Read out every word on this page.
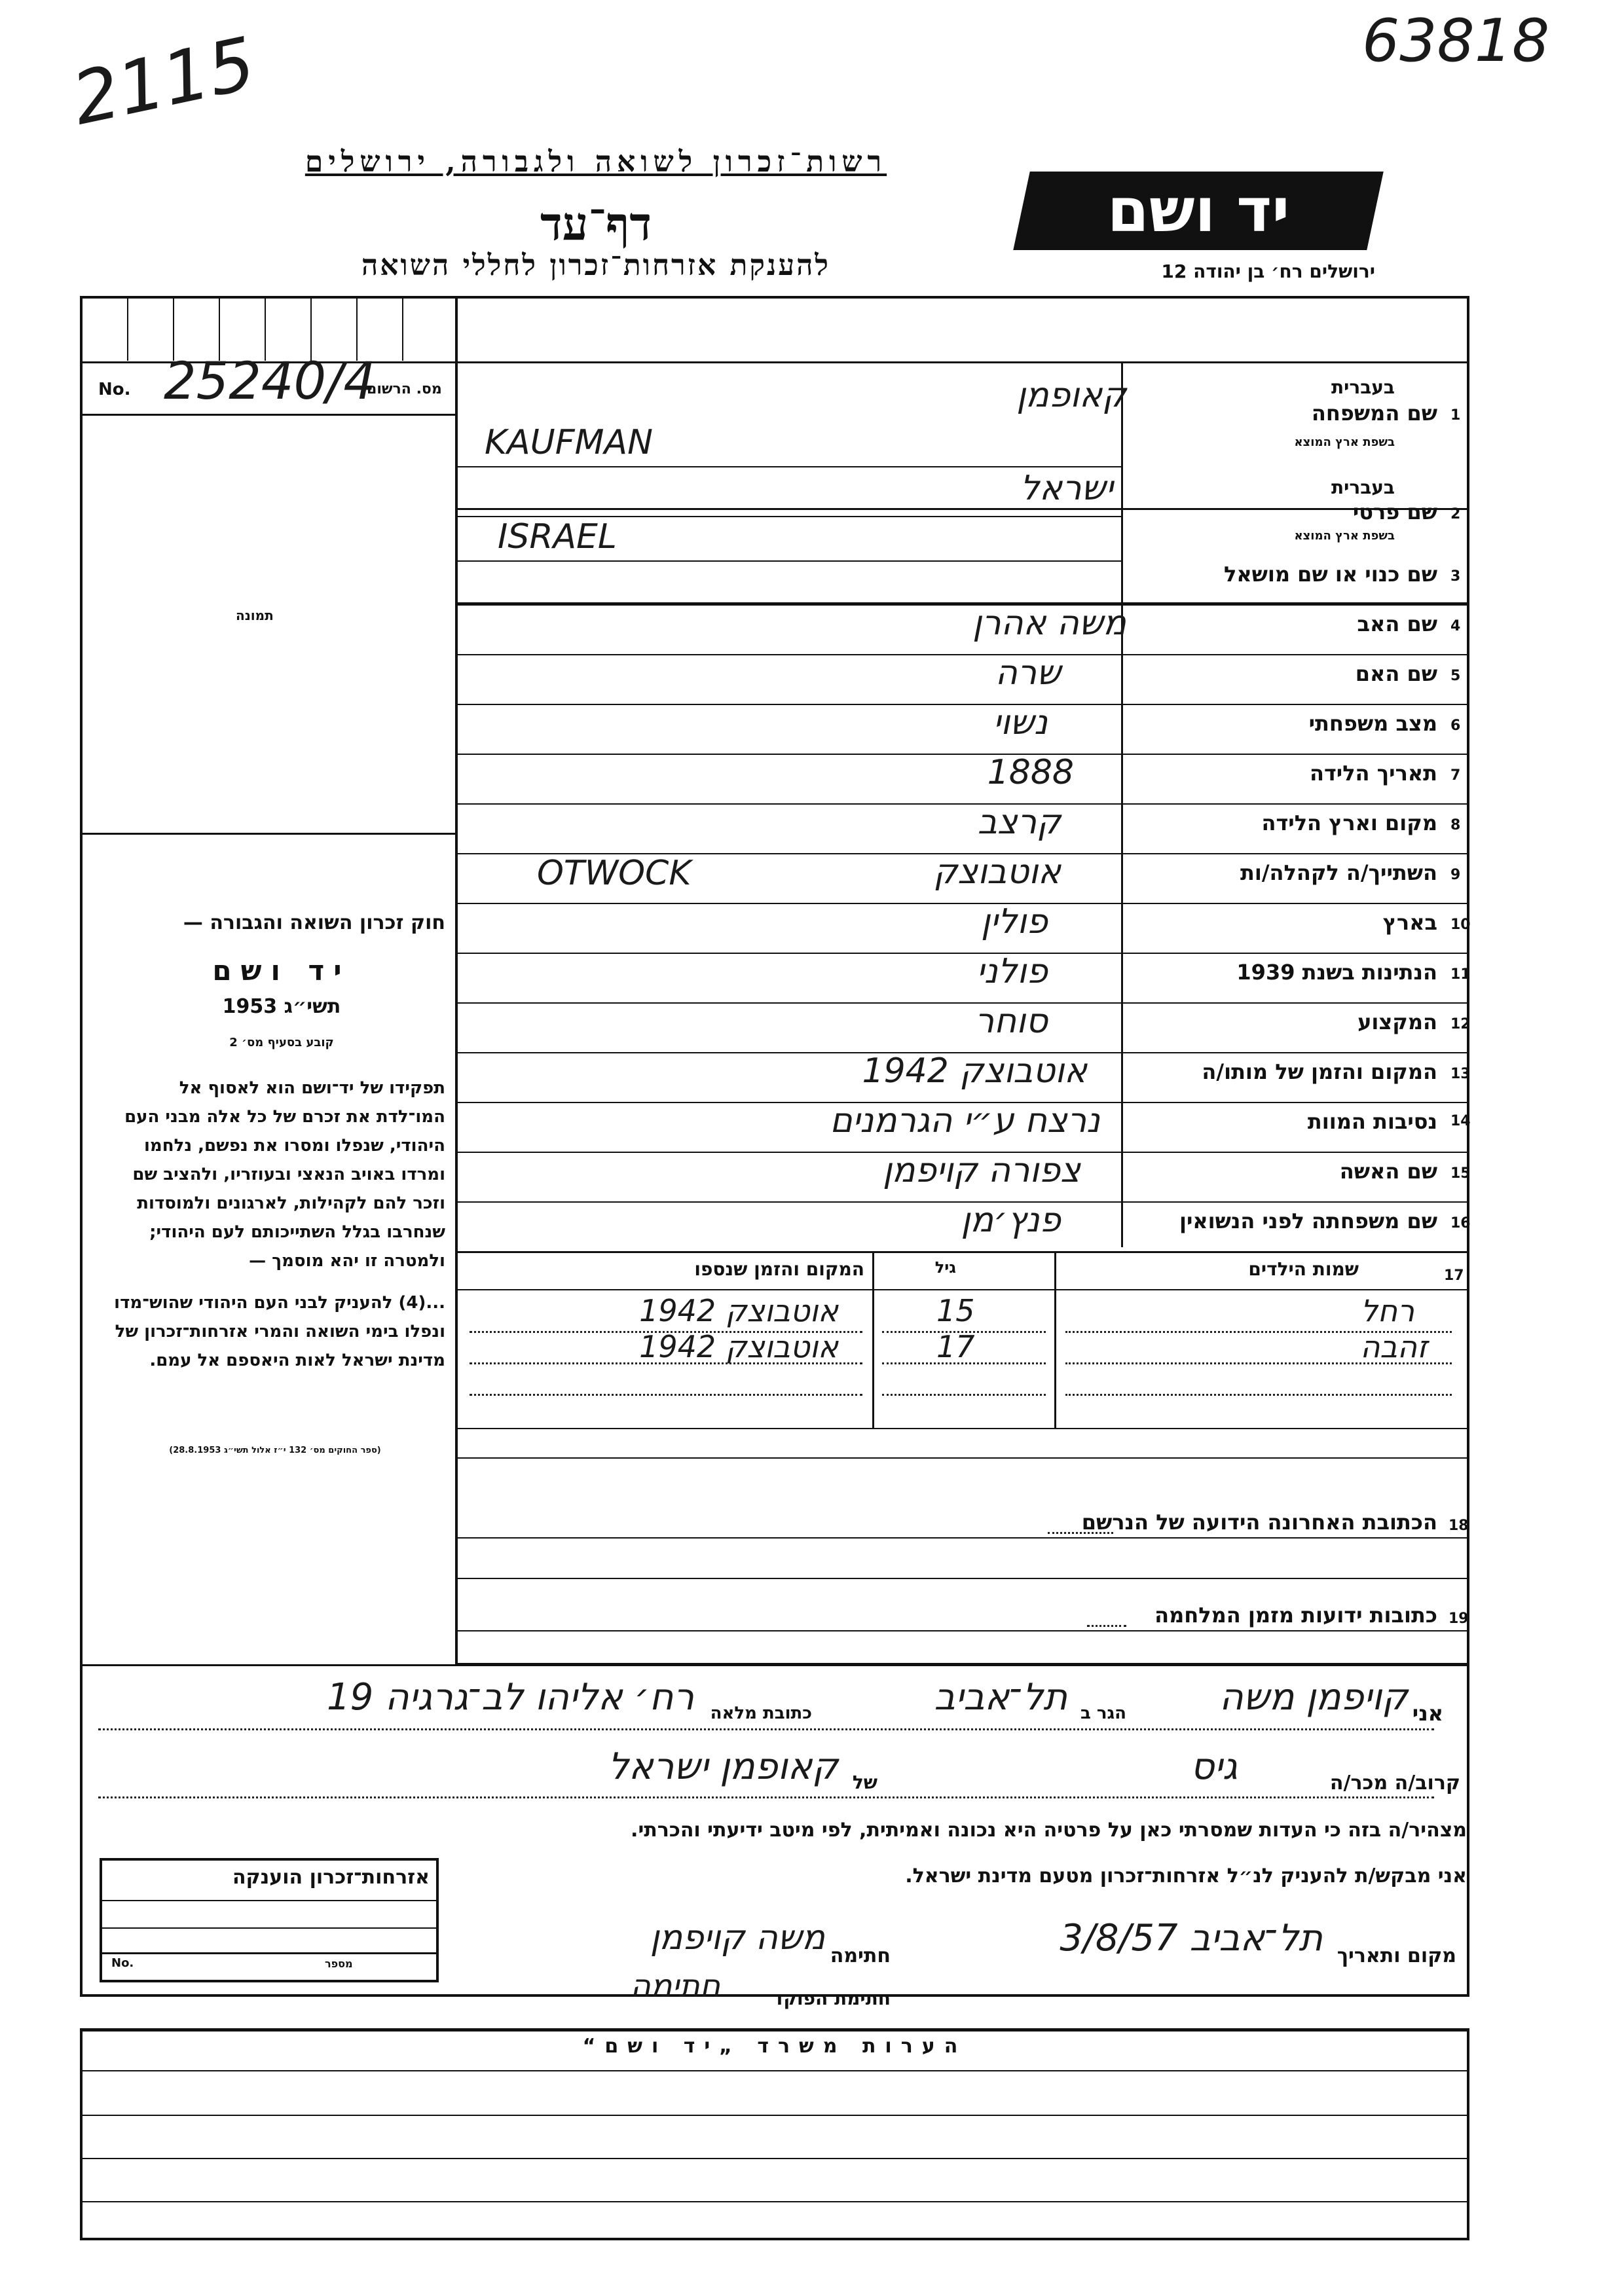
63818
2115
רשות־זכרון לשואה ולגבורה, ירושלים
דף־עד
להענקת אזרחות־זכרון לחללי השואה
יד ושם
ירושלים רח׳ בן יהודה 12
No. 25240/4
מס. הרשום
תמונה
1
שם המשפחה
בעברית
בשפת ארץ המוצא
קאופמן
KAUFMAN
2
שם פרטי
בעברית
בשפת ארץ המוצא
ישראל
ISRAEL
3
שם כנוי או שם מושאל
4
שם האב
משה אהרן
5
שם האם
שרה
6
מצב משפחתי
נשוי
7
תאריך הלידה
1888
8
מקום וארץ הלידה
קרצב
9
השתייך/ה לקהלה/ות
אוטבוצק
OTWOCK
10
בארץ
פולין
11
הנתינות בשנת 1939
פולני
12
המקצוע
סוחר
13
המקום והזמן של מותו/ה
אוטבוצק 1942
14
נסיבות המוות
נרצח ע״י הגרמנים
15
שם האשה
צפורה קויפמן
16
שם משפחתה לפני הנשואין
פנץ׳מן
17
שמות הילדים
גיל
המקום והזמן שנספו
רחל
15
אוטבוצק 1942
זהבה
17
אוטבוצק 1942
18
הכתובת האחרונה הידועה של הנרשם
19
כתובות ידועות מזמן המלחמה
חוק זכרון השואה והגבורה —
יד ושם
תשי״ג 1953
קובע בסעיף מס׳ 2
תפקידו של יד־ושם הוא לאסוף אל המו־לדת את זכרם של כל אלה מבני העם היהודי, שנפלו ומסרו את נפשם, נלחמו ומרדו באויב הנאצי ובעוזריו, ולהציב שם וזכר להם לקהילות, לארגונים ולמוסדות שנחרבו בגלל השתייכותם לעם היהודי; ולמטרה זו יהא מוסמך —
...(4) להעניק לבני העם היהודי שהוש־מדו ונפלו בימי השואה והמרי אזרחות־זכרון של מדינת ישראל לאות היאספם אל עמם.
(ספר החוקים מס׳ 132 י״ז אלול תשי״ג 28.8.1953)
אני
קויפמן משה
הגר ב
תל־אביב
כתובת מלאה
רח׳ אליהו לב־גרגיה 19
קרוב/ה מכר/ה
גיס
של
קאופמן ישראל
מצהיר/ה בזה כי העדות שמסרתי כאן על פרטיה היא נכונה ואמיתית, לפי מיטב ידיעתי והכרתי.
אני מבקש/ת להעניק לנ״ל אזרחות־זכרון מטעם מדינת ישראל.
מקום ותאריך
תל־אביב 3/8/57
חתימה
משה קויפמן
חתימת הפוקד
חתימה
אזרחות־זכרון הוענקה
No.	מספר
הערות משרד „יד ושם“
